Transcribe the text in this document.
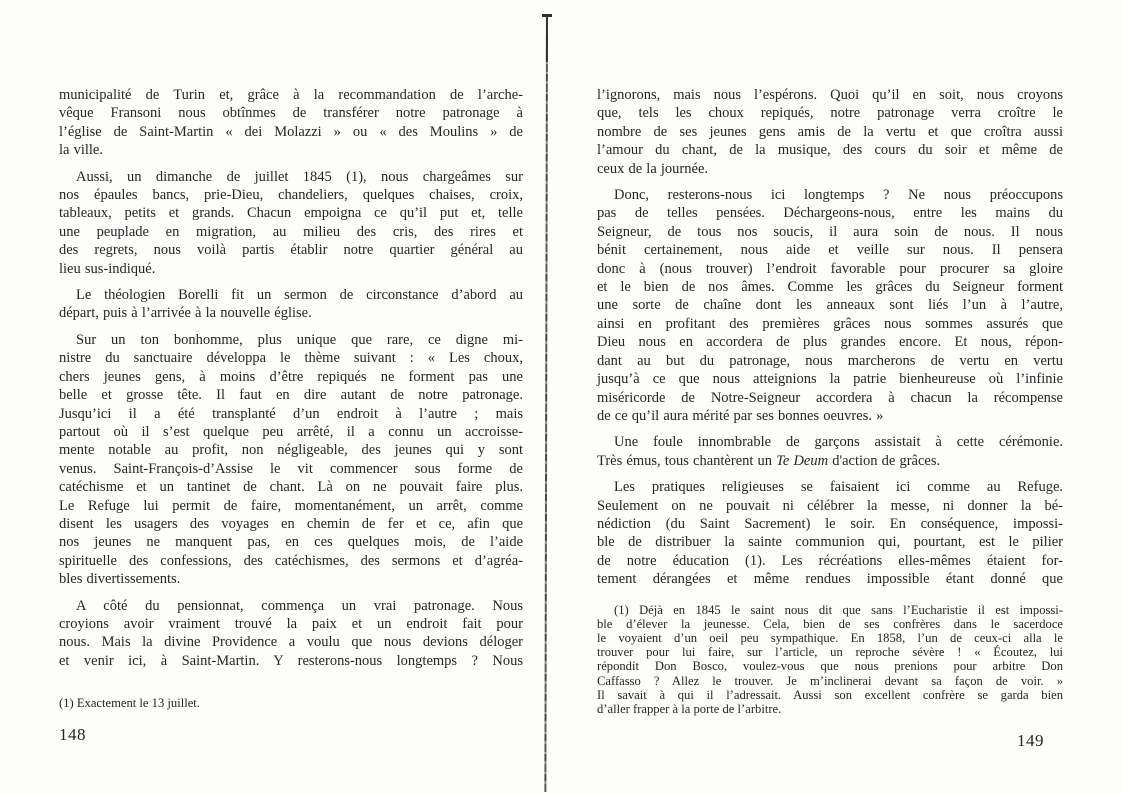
municipalité de Turin et, grâce à la recommandation de l’arche-
vêque Fransoni nous obtînmes de transférer notre patronage à
l’église de Saint-Martin « dei Molazzi » ou « des Moulins » de
la ville.
Aussi, un dimanche de juillet 1845 (1), nous chargeâmes sur
nos épaules bancs, prie-Dieu, chandeliers, quelques chaises, croix,
tableaux, petits et grands. Chacun empoigna ce qu’il put et, telle
une peuplade en migration, au milieu des cris, des rires et
des regrets, nous voilà partis établir notre quartier général au
lieu sus-indiqué.
Le théologien Borelli fit un sermon de circonstance d’abord au
départ, puis à l’arrivée à la nouvelle église.
Sur un ton bonhomme, plus unique que rare, ce digne mi-
nistre du sanctuaire développa le thème suivant : « Les choux,
chers jeunes gens, à moins d’être repiqués ne forment pas une
belle et grosse tête. Il faut en dire autant de notre patronage.
Jusqu’ici il a été transplanté d’un endroit à l’autre ; mais
partout où il s’est quelque peu arrêté, il a connu un accroisse-
mente notable au profit, non négligeable, des jeunes qui y sont
venus. Saint-François-d’Assise le vit commencer sous forme de
catéchisme et un tantinet de chant. Là on ne pouvait faire plus.
Le Refuge lui permit de faire, momentanément, un arrêt, comme
disent les usagers des voyages en chemin de fer et ce, afin que
nos jeunes ne manquent pas, en ces quelques mois, de l’aide
spirituelle des confessions, des catéchismes, des sermons et d’agréa-
bles divertissements.
A côté du pensionnat, commença un vrai patronage. Nous
croyions avoir vraiment trouvé la paix et un endroit fait pour
nous. Mais la divine Providence a voulu que nous devions déloger
et venir ici, à Saint-Martin. Y resterons-nous longtemps ? Nous
(1) Exactement le 13 juillet.
148
l’ignorons, mais nous l’espérons. Quoi qu’il en soit, nous croyons
que, tels les choux repiqués, notre patronage verra croître le
nombre de ses jeunes gens amis de la vertu et que croîtra aussi
l’amour du chant, de la musique, des cours du soir et même de
ceux de la journée.
Donc, resterons-nous ici longtemps ? Ne nous préoccupons
pas de telles pensées. Déchargeons-nous, entre les mains du
Seigneur, de tous nos soucis, il aura soin de nous. Il nous
bénit certainement, nous aide et veille sur nous. Il pensera
donc à (nous trouver) l’endroit favorable pour procurer sa gloire
et le bien de nos âmes. Comme les grâces du Seigneur forment
une sorte de chaîne dont les anneaux sont liés l’un à l’autre,
ainsi en profitant des premières grâces nous sommes assurés que
Dieu nous en accordera de plus grandes encore. Et nous, répon-
dant au but du patronage, nous marcherons de vertu en vertu
jusqu’à ce que nous atteignions la patrie bienheureuse où l’infinie
miséricorde de Notre-Seigneur accordera à chacun la récompense
de ce qu’il aura mérité par ses bonnes oeuvres. »
Une foule innombrable de garçons assistait à cette cérémonie.
Très émus, tous chantèrent un Te Deum d'action de grâces.
Les pratiques religieuses se faisaient ici comme au Refuge.
Seulement on ne pouvait ni célébrer la messe, ni donner la bé-
nédiction (du Saint Sacrement) le soir. En conséquence, impossi-
ble de distribuer la sainte communion qui, pourtant, est le pilier
de notre éducation (1). Les récréations elles-mêmes étaient for-
tement dérangées et même rendues impossible étant donné que
(1) Déjà en 1845 le saint nous dit que sans l’Eucharistie il est impossi-
ble d’élever la jeunesse. Cela, bien de ses confrères dans le sacerdoce
le voyaient d’un oeil peu sympathique. En 1858, l’un de ceux-ci alla le
trouver pour lui faire, sur l’article, un reproche sévère ! « Écoutez, lui
répondit Don Bosco, voulez-vous que nous prenions pour arbitre Don
Caffasso ? Allez le trouver. Je m’inclinerai devant sa façon de voir. »
Il savait à qui il l’adressait. Aussi son excellent confrère se garda bien
d’aller frapper à la porte de l’arbitre.
149
